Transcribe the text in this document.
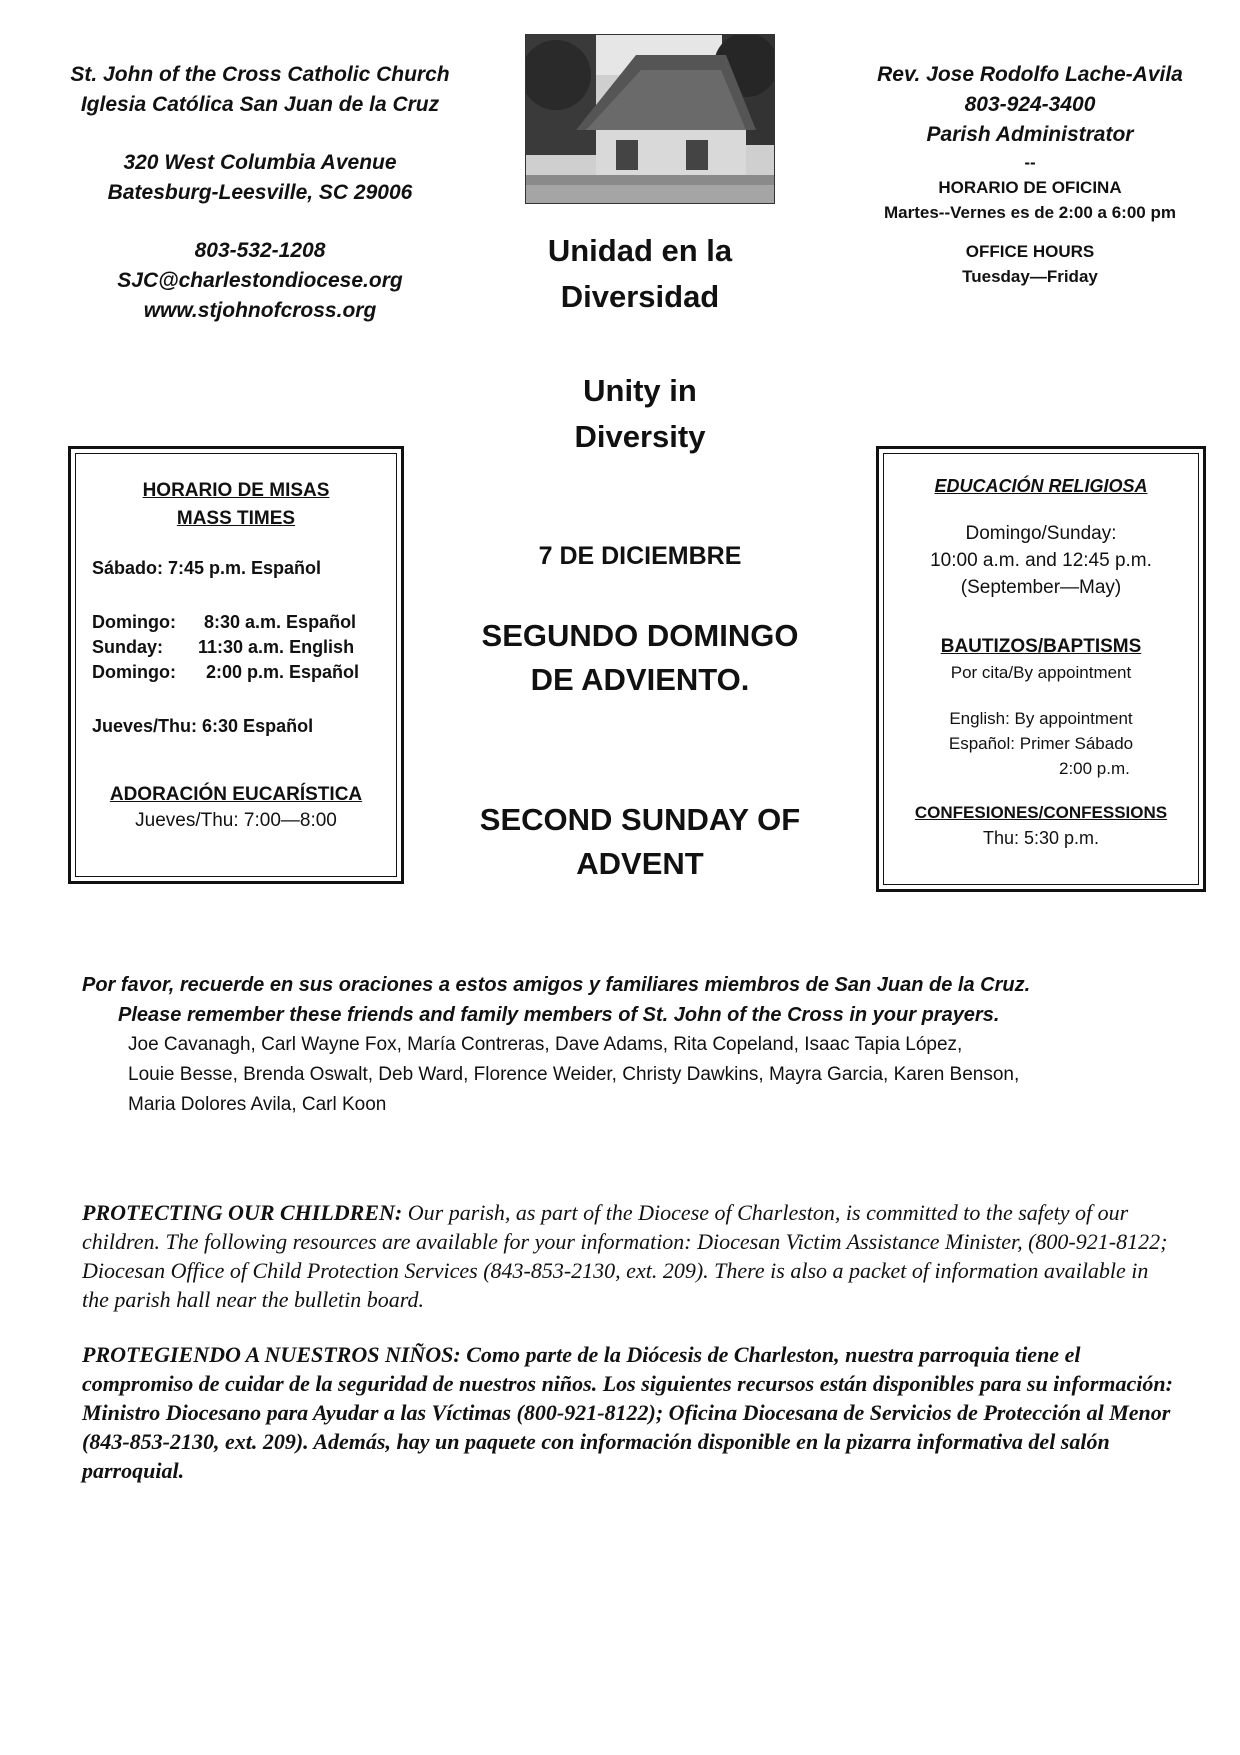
St. John of the Cross Catholic Church
Iglesia Católica San Juan de la Cruz
320 West Columbia Avenue
Batesburg-Leesville, SC 29006
803-532-1208
SJC@charlestondiocese.org
www.stjohnofcross.org
Rev. Jose Rodolfo Lache-Avila
803-924-3400
Parish Administrator
--
HORARIO DE OFICINA
Martes--Vernes es de 2:00 a 6:00 pm
OFFICE HOURS
Tuesday—Friday
Unidad en la
Diversidad
Unity in
Diversity
7 DE DICIEMBRE
SEGUNDO DOMINGO
DE ADVIENTO.
SECOND SUNDAY OF
ADVENT
HORARIO DE MISAS
MASS TIMES
Sábado: 7:45 p.m. Español
Domingo:	8:30 a.m. Español
Sunday:	11:30 a.m. English
Domingo:	2:00 p.m. Español
Jueves/Thu: 6:30 Español
ADORACIÓN EUCARÍSTICA
Jueves/Thu: 7:00—8:00
EDUCACIÓN RELIGIOSA
Domingo/Sunday:
10:00 a.m. and 12:45 p.m.
(September—May)
BAUTIZOS/BAPTISMS
Por cita/By appointment
English: By appointment
Español: Primer Sábado
2:00 p.m.
CONFESIONES/CONFESSIONS
Thu: 5:30 p.m.
Por favor, recuerde en sus oraciones a estos amigos y familiares miembros de San Juan de la Cruz.
Please remember these friends and family members of St. John of the Cross in your prayers.
Joe Cavanagh, Carl Wayne Fox, María Contreras, Dave Adams, Rita Copeland, Isaac Tapia López,
Louie Besse, Brenda Oswalt, Deb Ward, Florence Weider, Christy Dawkins, Mayra Garcia, Karen Benson,
Maria Dolores Avila, Carl Koon
PROTECTING OUR CHILDREN: Our parish, as part of the Diocese of Charleston, is committed to the safety of our children. The following resources are available for your information: Diocesan Victim Assistance Minister, (800-921-8122; Diocesan Office of Child Protection Services (843-853-2130, ext. 209). There is also a packet of information available in the parish hall near the bulletin board.
PROTEGIENDO A NUESTROS NIÑOS: Como parte de la Diócesis de Charleston, nuestra parroquia tiene el compromiso de cuidar de la seguridad de nuestros niños. Los siguientes recursos están disponibles para su información: Ministro Diocesano para Ayudar a las Víctimas (800-921-8122); Oficina Diocesana de Servicios de Protección al Menor (843-853-2130, ext. 209). Además, hay un paquete con información disponible en la pizarra informativa del salón parroquial.
